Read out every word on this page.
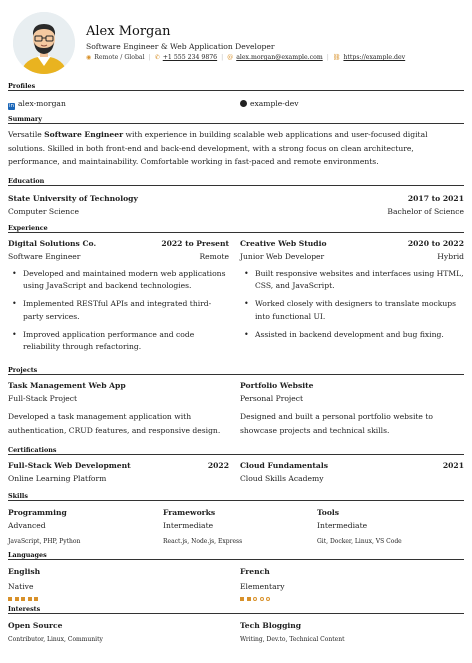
Alex Morgan
Software Engineer & Web Application Developer
◉ Remote / Global | ✆ +1 555 234 9876 | @ alex.morgan@example.com | ⛓ https://example.dev
Profiles
in alex-morgan	example-dev
Summary
Versatile Software Engineer with experience in building scalable web applications and user-focused digital solutions. Skilled in both front-end and back-end development, with a strong focus on clean architecture, performance, and maintainability. Comfortable working in fast-paced and remote environments.
Education
State University of Technology	2017 to 2021
Computer Science	Bachelor of Science
Experience
Digital Solutions Co.	2022 to Present
Software Engineer	Remote
• Developed and maintained modern web applications using JavaScript and backend technologies.
• Implemented RESTful APIs and integrated third-party services.
• Improved application performance and code reliability through refactoring.
Creative Web Studio	2020 to 2022
Junior Web Developer	Hybrid
• Built responsive websites and interfaces using HTML, CSS, and JavaScript.
• Worked closely with designers to translate mockups into functional UI.
• Assisted in backend development and bug fixing.
Projects
Task Management Web App
Full-Stack Project
Developed a task management application with authentication, CRUD features, and responsive design.
Portfolio Website
Personal Project
Designed and built a personal portfolio website to showcase projects and technical skills.
Certifications
Full-Stack Web Development	2022
Online Learning Platform
Cloud Fundamentals	2021
Cloud Skills Academy
Skills
Programming
Advanced
JavaScript, PHP, Python
Frameworks
Intermediate
React.js, Node.js, Express
Tools
Intermediate
Git, Docker, Linux, VS Code
Languages
English
Native
French
Elementary
Interests
Open Source
Contributor, Linux, Community
Tech Blogging
Writing, Dev.to, Technical Content
